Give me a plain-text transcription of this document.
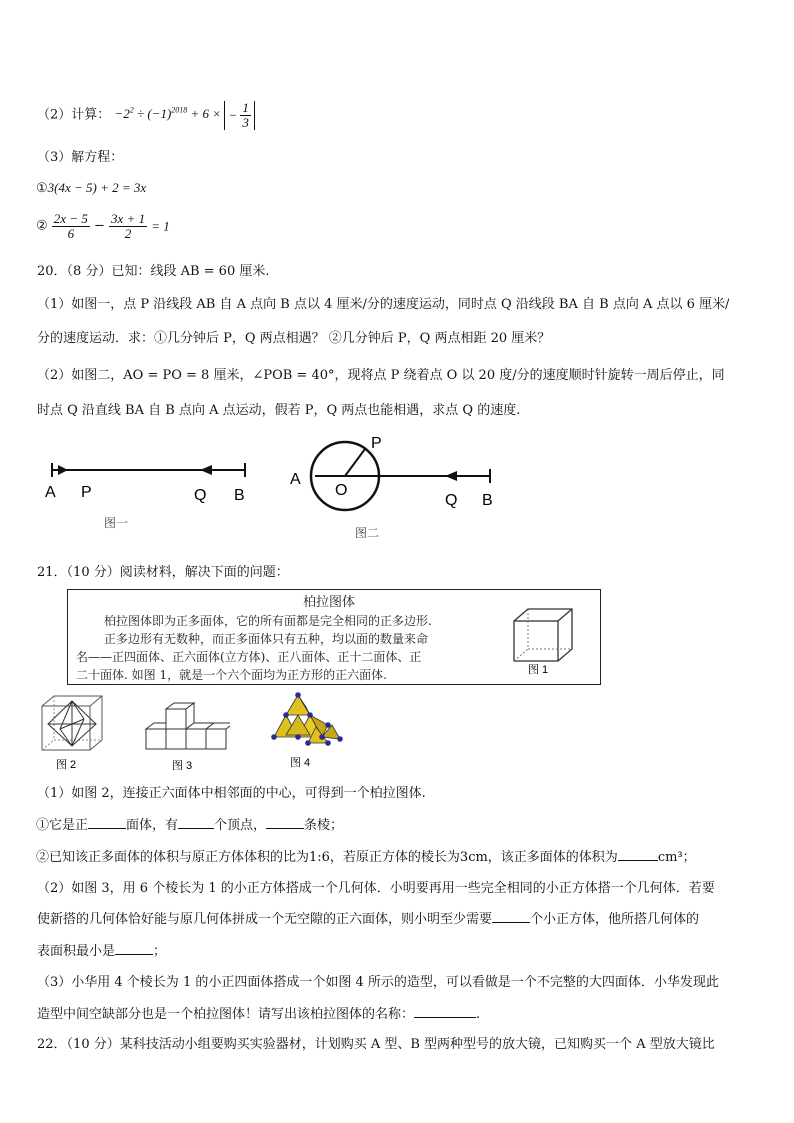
（2）计算： $-2^2 \div (-1)^{2018} + 6$ × − $\frac{1}{3}$
（3）解方程：
①3(4x − 5) + 2 = 3x
② $\frac{2x - 5}{6} - \frac{3x + 1}{2} = 1$
20．（8 分）已知：线段 AB = 60 厘米.
（1）如图一，点 P 沿线段 AB 自 A 点向 B 点以 4 厘米/分的速度运动，同时点 Q 沿线段 BA 自 B 点向 A 点以 6 厘米/
分的速度运动．求：①几分钟后 P，Q 两点相遇？ ②几分钟后 P，Q 两点相距 20 厘米？
（2）如图二，AO = PO = 8 厘米，∠POB = 40°，现将点 P 绕着点 O 以 20 度/分的速度顺时针旋转一周后停止，同
时点 Q 沿直线 BA 自 B 点向 A 点运动，假若 P，Q 两点也能相遇，求点 Q 的速度.
A P	Q B
图一
P
A
O
Q B
图二
21．（10 分）阅读材料，解决下面的问题：
柏拉图体
柏拉图体即为正多面体，它的所有面都是完全相同的正多边形.
正多边形有无数种，而正多面体只有五种，均以面的数量来命
名——正四面体、正六面体(立方体)、正八面体、正十二面体、正
二十面体. 如图 1，就是一个六个面均为正方形的正六面体.	图 1
图 2	图 3	图 4
（1）如图 2，连接正六面体中相邻面的中心，可得到一个柏拉图体.
①它是正	面体，有	个顶点，	条棱；
②已知该正多面体的体积与原正方体体积的比为1:6，若原正方体的棱长为3cm，该正多面体的体积为	cm³；
（2）如图 3，用 6 个棱长为 1 的小正方体搭成一个几何体．小明要再用一些完全相同的小正方体搭一个几何体．若要
使新搭的几何体恰好能与原几何体拼成一个无空隙的正六面体，则小明至少需要	个小正方体，他所搭几何体的
表面积最小是	；
（3）小华用 4 个棱长为 1 的小正四面体搭成一个如图 4 所示的造型，可以看做是一个不完整的大四面体．小华发现此
造型中间空缺部分也是一个柏拉图体！请写出该柏拉图体的名称：	.
22．（10 分）某科技活动小组要购买实验器材，计划购买 A 型、B 型两种型号的放大镜，已知购买一个 A 型放大镜比
